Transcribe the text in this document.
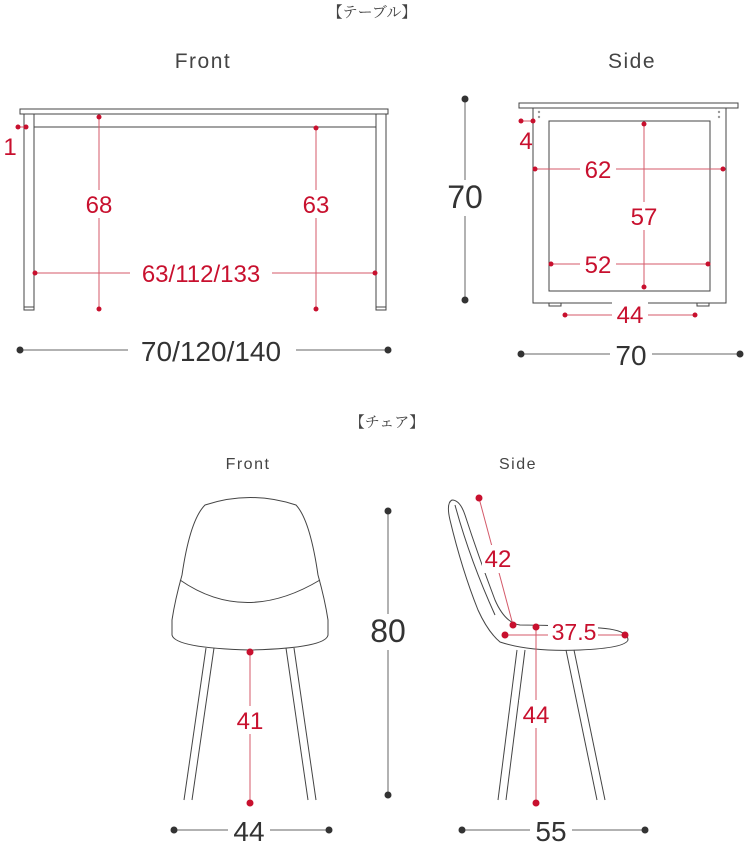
【テーブル】
Front
1
68	63
63/112/133
70/120/140
70
Side
4
62
57
52
44
70
【チェア】
Front	Side
41
44
80
42
37.5
44
55
